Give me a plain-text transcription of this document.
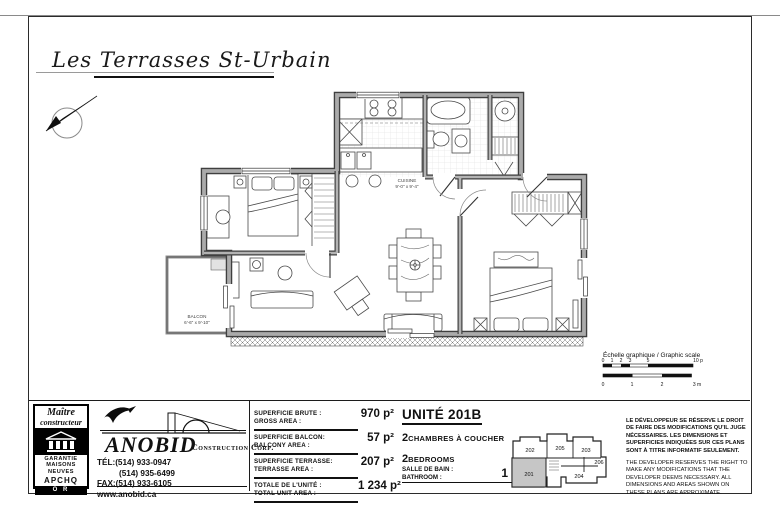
Les Terrasses St-Urbain
CUISINE
9'-0" x 9'-4"
BALCON
6'-6" x 9'-10"
Échelle graphique / Graphic scale
0 1 2 3	5	10 p
0	1	2	3 m
Maître
constructeur
GARANTIE
MAISONS
NEUVES
APCHQ
O R
ANOBID
Construction Corp.
TÉL:(514) 933-0947
(514) 935-6499
FAX:(514) 933-6105
www.anobid.ca
SUPERFICIE BRUTE :
GROSS AREA :
970 p²
SUPERFICIE BALCON:
BALCONY AREA :
57 p²
SUPERFICIE TERRASSE:
TERRASSE AREA :
207 p²
TOTALE DE L'UNITÉ :
TOTAL UNIT AREA :
1 234 p²
UNITÉ 201B
2CHAMBRES À COUCHER
2BEDROOMS
SALLE DE BAIN :
BATHROOM :	1
202	205	203
206
201	204
LE DÉVELOPPEUR SE RÉSERVE LE DROIT DE FAIRE DES MODIFICATIONS QU'IL JUGE NÉCESSAIRES. LES DIMENSIONS ET SUPERFICIES INDIQUÉES SUR CES PLANS SONT À TITRE INFORMATIF SEULEMENT.
THE DEVELOPER RESERVES THE RIGHT TO MAKE ANY MODIFICATIONS THAT THE DEVELOPER DEEMS NECESSARY. ALL DIMENSIONS AND AREAS SHOWN ON THESE PLANS ARE APPROXIMATE.
